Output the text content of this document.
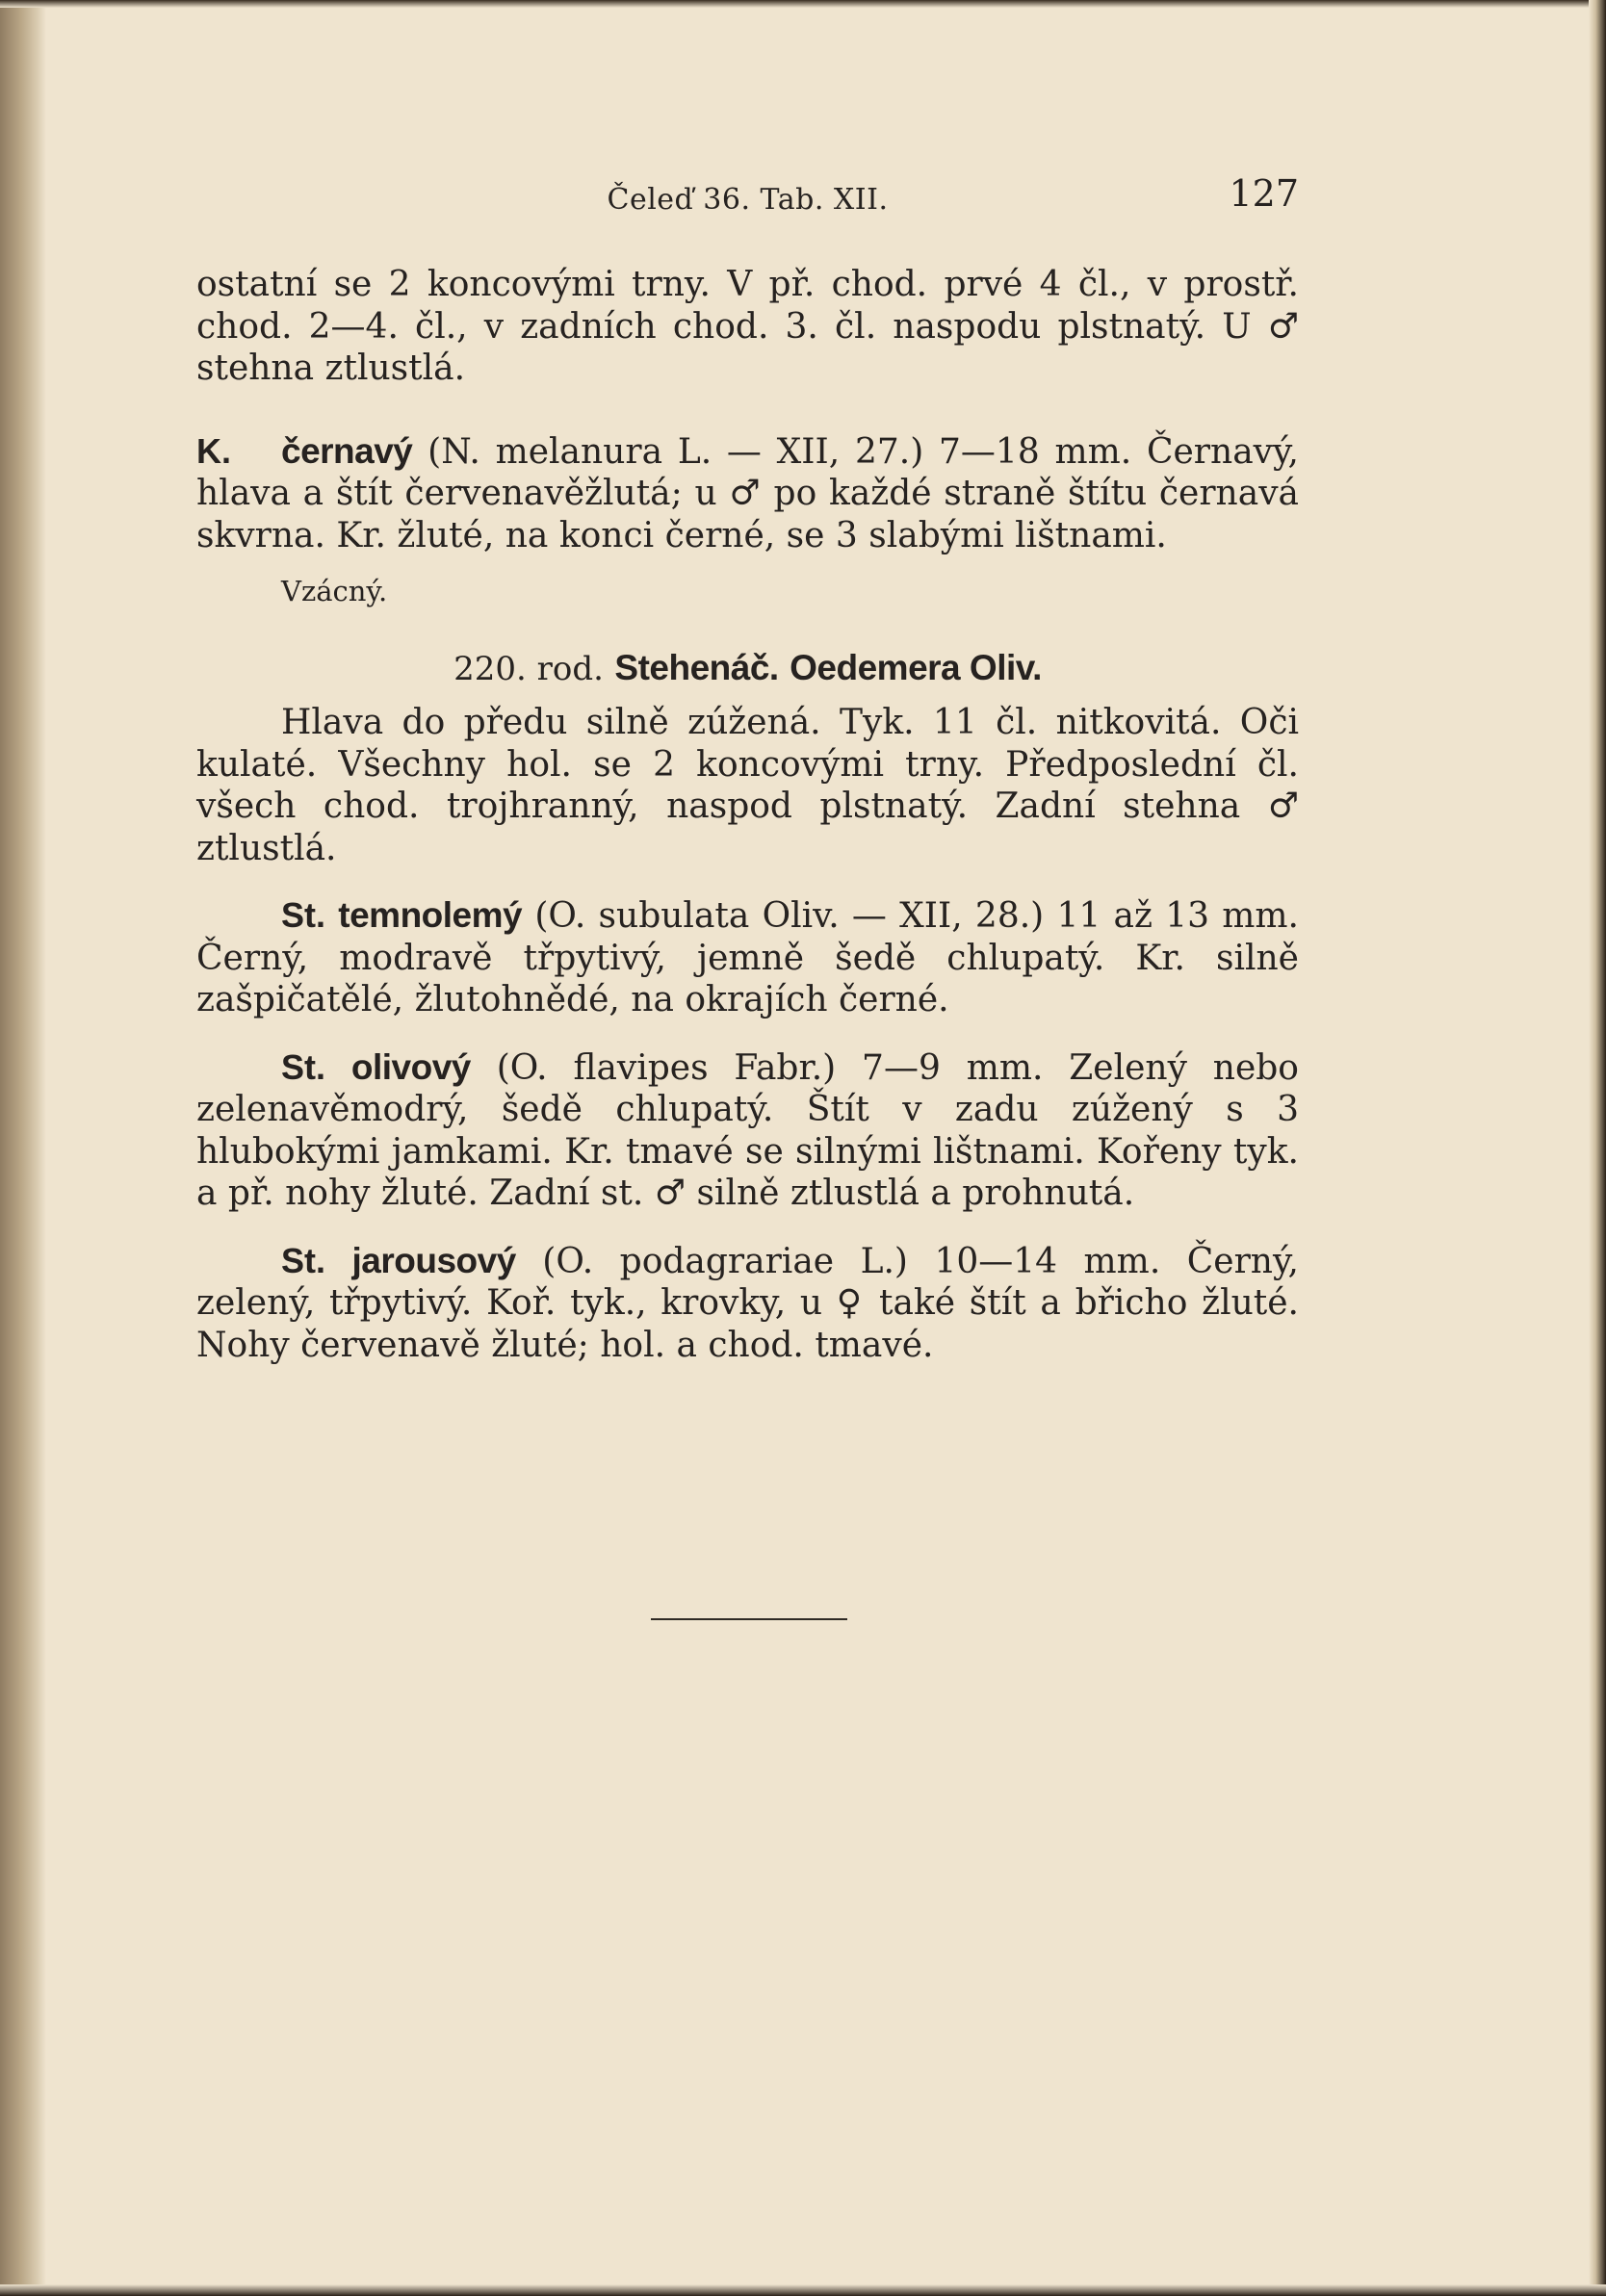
Čeleď 36. Tab. XII.	127

ostatní se 2 koncovými trny. V př. chod. prvé 4 čl., v prostř. chod. 2—4. čl., v zadních chod. 3. čl. naspodu plstnatý. U ♂ stehna ztlustlá.

K. černavý (N. melanura L. — XII, 27.) 7—18 mm. Černavý, hlava a štít červenavěžlutá; u ♂ po každé straně štítu černavá skvrna. Kr. žluté, na konci černé, se 3 slabými lištnami.

Vzácný.
220. rod. Stehenáč. Oedemera Oliv.

Hlava do předu silně zúžená. Tyk. 11 čl. nitkovitá. Oči kulaté. Všechny hol. se 2 koncovými trny. Předposlední čl. všech chod. trojhranný, naspod plstnatý. Zadní stehna ♂ ztlustlá.

St. temnolemý (O. subulata Oliv. — XII, 28.) 11 až 13 mm. Černý, modravě třpytivý, jemně šedě chlupatý. Kr. silně zašpičatělé, žlutohnědé, na okrajích černé.

St. olivový (O. flavipes Fabr.) 7—9 mm. Zelený nebo zelenavěmodrý, šedě chlupatý. Štít v zadu zúžený s 3 hlubokými jamkami. Kr. tmavé se silnými lištnami. Kořeny tyk. a př. nohy žluté. Zadní st. ♂ silně ztlustlá a prohnutá.

St. jarousový (O. podagrariae L.) 10—14 mm. Černý, zelený, třpytivý. Koř. tyk., krovky, u ♀ také štít a břicho žluté. Nohy červenavě žluté; hol. a chod. tmavé.
